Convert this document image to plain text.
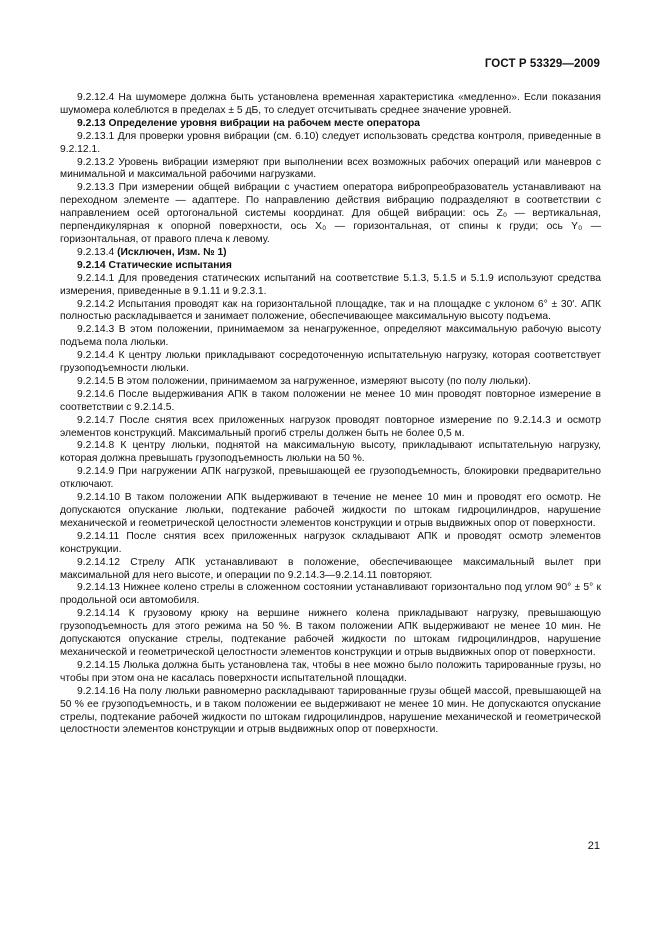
ГОСТ Р 53329—2009

9.2.12.4 На шумомере должна быть установлена временная характеристика «медленно». Если показания шумомера колеблются в пределах ± 5 дБ, то следует отсчитывать среднее значение уровней.

9.2.13 Определение уровня вибрации на рабочем месте оператора

9.2.13.1 Для проверки уровня вибрации (см. 6.10) следует использовать средства контроля, приведенные в 9.2.12.1.

9.2.13.2 Уровень вибрации измеряют при выполнении всех возможных рабочих операций или маневров с минимальной и максимальной рабочими нагрузками.

9.2.13.3 При измерении общей вибрации с участием оператора вибропреобразователь устанавливают на переходном элементе — адаптере. По направлению действия вибрацию подразделяют в соответствии с направлением осей ортогональной системы координат. Для общей вибрации: ось Z₀ — вертикальная, перпендикулярная к опорной поверхности, ось X₀ — горизонтальная, от спины к груди; ось Y₀ — горизонтальная, от правого плеча к левому.

9.2.13.4 (Исключен, Изм. № 1)

9.2.14 Статические испытания

9.2.14.1 Для проведения статических испытаний на соответствие 5.1.3, 5.1.5 и 5.1.9 используют средства измерения, приведенные в 9.1.11 и 9.2.3.1.

9.2.14.2 Испытания проводят как на горизонтальной площадке, так и на площадке с уклоном 6° ± 30′. АПК полностью раскладывается и занимает положение, обеспечивающее максимальную высоту подъема.

9.2.14.3 В этом положении, принимаемом за ненагруженное, определяют максимальную рабочую высоту подъема пола люльки.

9.2.14.4 К центру люльки прикладывают сосредоточенную испытательную нагрузку, которая соответствует грузоподъемности люльки.

9.2.14.5 В этом положении, принимаемом за нагруженное, измеряют высоту (по полу люльки).

9.2.14.6 После выдерживания АПК в таком положении не менее 10 мин проводят повторное измерение в соответствии с 9.2.14.5.

9.2.14.7 После снятия всех приложенных нагрузок проводят повторное измерение по 9.2.14.3 и осмотр элементов конструкций. Максимальный прогиб стрелы должен быть не более 0,5 м.

9.2.14.8 К центру люльки, поднятой на максимальную высоту, прикладывают испытательную нагрузку, которая должна превышать грузоподъемность люльки на 50 %.

9.2.14.9 При нагружении АПК нагрузкой, превышающей ее грузоподъемность, блокировки предварительно отключают.

9.2.14.10 В таком положении АПК выдерживают в течение не менее 10 мин и проводят его осмотр. Не допускаются опускание люльки, подтекание рабочей жидкости по штокам гидроцилиндров, нарушение механической и геометрической целостности элементов конструкции и отрыв выдвижных опор от поверхности.

9.2.14.11 После снятия всех приложенных нагрузок складывают АПК и проводят осмотр элементов конструкции.

9.2.14.12 Стрелу АПК устанавливают в положение, обеспечивающее максимальный вылет при максимальной для него высоте, и операции по 9.2.14.3—9.2.14.11 повторяют.

9.2.14.13 Нижнее колено стрелы в сложенном состоянии устанавливают горизонтально под углом 90° ± 5° к продольной оси автомобиля.

9.2.14.14 К грузовому крюку на вершине нижнего колена прикладывают нагрузку, превышающую грузоподъемность для этого режима на 50 %. В таком положении АПК выдерживают не менее 10 мин. Не допускаются опускание стрелы, подтекание рабочей жидкости по штокам гидроцилиндров, нарушение механической и геометрической целостности элементов конструкции и отрыв выдвижных опор от поверхности.

9.2.14.15 Люлька должна быть установлена так, чтобы в нее можно было положить тарированные грузы, но чтобы при этом она не касалась поверхности испытательной площадки.

9.2.14.16 На полу люльки равномерно раскладывают тарированные грузы общей массой, превышающей на 50 % ее грузоподъемность, и в таком положении ее выдерживают не менее 10 мин. Не допускаются опускание стрелы, подтекание рабочей жидкости по штокам гидроцилиндров, нарушение механической и геометрической целостности элементов конструкции и отрыв выдвижных опор от поверхности.

21
